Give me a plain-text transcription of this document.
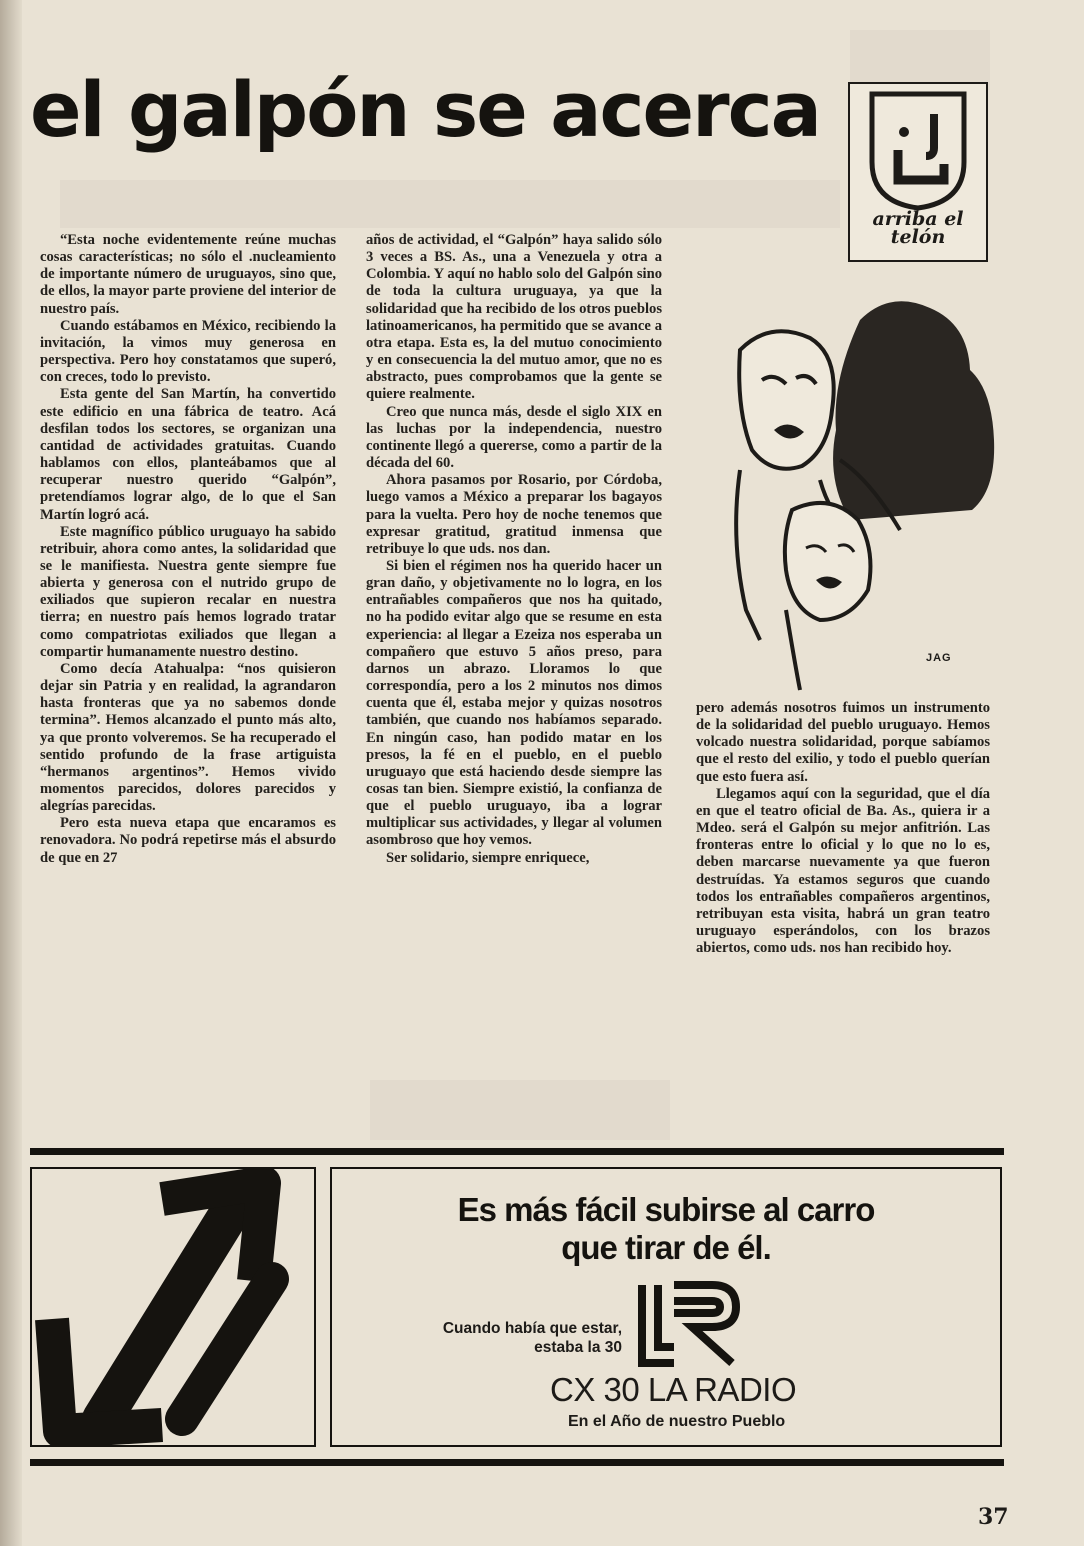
el galpón se acerca
arriba el telón

“Esta noche evidentemente reúne muchas cosas características; no sólo el .nucleamiento de importante número de uruguayos, sino que, de ellos, la mayor parte proviene del interior de nuestro país.

Cuando estábamos en México, recibiendo la invitación, la vimos muy generosa en perspectiva. Pero hoy constatamos que superó, con creces, todo lo previsto.

Esta gente del San Martín, ha convertido este edificio en una fábrica de teatro. Acá desfilan todos los sectores, se organizan una cantidad de actividades gratuitas. Cuando hablamos con ellos, planteábamos que al recuperar nuestro querido “Galpón”, pretendíamos lograr algo, de lo que el San Martín logró acá.

Este magnífico público uruguayo ha sabido retribuir, ahora como antes, la solidaridad que se le manifiesta. Nuestra gente siempre fue abierta y generosa con el nutrido grupo de exiliados que supieron recalar en nuestra tierra; en nuestro país hemos logrado tratar como compatriotas exiliados que llegan a compartir humanamente nuestro destino.

Como decía Atahualpa: “nos quisieron dejar sin Patria y en realidad, la agrandaron hasta fronteras que ya no sabemos donde termina”. Hemos alcanzado el punto más alto, ya que pronto volveremos. Se ha recuperado el sentido profundo de la frase artiguista “hermanos argentinos”. Hemos vivido momentos parecidos, dolores parecidos y alegrías parecidas.

Pero esta nueva etapa que encaramos es renovadora. No podrá repetirse más el absurdo de que en 27

años de actividad, el “Galpón” haya salido sólo 3 veces a BS. As., una a Venezuela y otra a Colombia. Y aquí no hablo solo del Galpón sino de toda la cultura uruguaya, ya que la solidaridad que ha recibido de los otros pueblos latinoamericanos, ha permitido que se avance a otra etapa. Esta es, la del mutuo conocimiento y en consecuencia la del mutuo amor, que no es abstracto, pues comprobamos que la gente se quiere realmente.

Creo que nunca más, desde el siglo XIX en las luchas por la independencia, nuestro continente llegó a quererse, como a partir de la década del 60.

Ahora pasamos por Rosario, por Córdoba, luego vamos a México a preparar los bagayos para la vuelta. Pero hoy de noche tenemos que expresar gratitud, gratitud inmensa que retribuye lo que uds. nos dan.

Si bien el régimen nos ha querido hacer un gran daño, y objetivamente no lo logra, en los entrañables compañeros que nos ha quitado, no ha podido evitar algo que se resume en esta experiencia: al llegar a Ezeiza nos esperaba un compañero que estuvo 5 años preso, para darnos un abrazo. Lloramos lo que correspondía, pero a los 2 minutos nos dimos cuenta que él, estaba mejor y quizas nosotros también, que cuando nos habíamos separado. En ningún caso, han podido matar en los presos, la fé en el pueblo, en el pueblo uruguayo que está haciendo desde siempre las cosas tan bien. Siempre existió, la confianza de que el pueblo uruguayo, iba a lograr multiplicar sus actividades, y llegar al volumen asombroso que hoy vemos.

Ser solidario, siempre enriquece,

JAG

pero además nosotros fuimos un instrumento de la solidaridad del pueblo uruguayo. Hemos volcado nuestra solidaridad, porque sabíamos que el resto del exilio, y todo el pueblo querían que esto fuera así.

Llegamos aquí con la seguridad, que el día en que el teatro oficial de Ba. As., quiera ir a Mdeo. será el Galpón su mejor anfitrión. Las fronteras entre lo oficial y lo que no lo es, deben marcarse nuevamente ya que fueron destruídas. Ya estamos seguros que cuando todos los entrañables compañeros argentinos, retribuyan esta visita, habrá un gran teatro uruguayo esperándolos, con los brazos abiertos, como uds. nos han recibido hoy.

Es más fácil subirse al carro
que tirar de él.
Cuando había que estar,
estaba la 30
CX 30 LA RADIO
En el Año de nuestro Pueblo
37
